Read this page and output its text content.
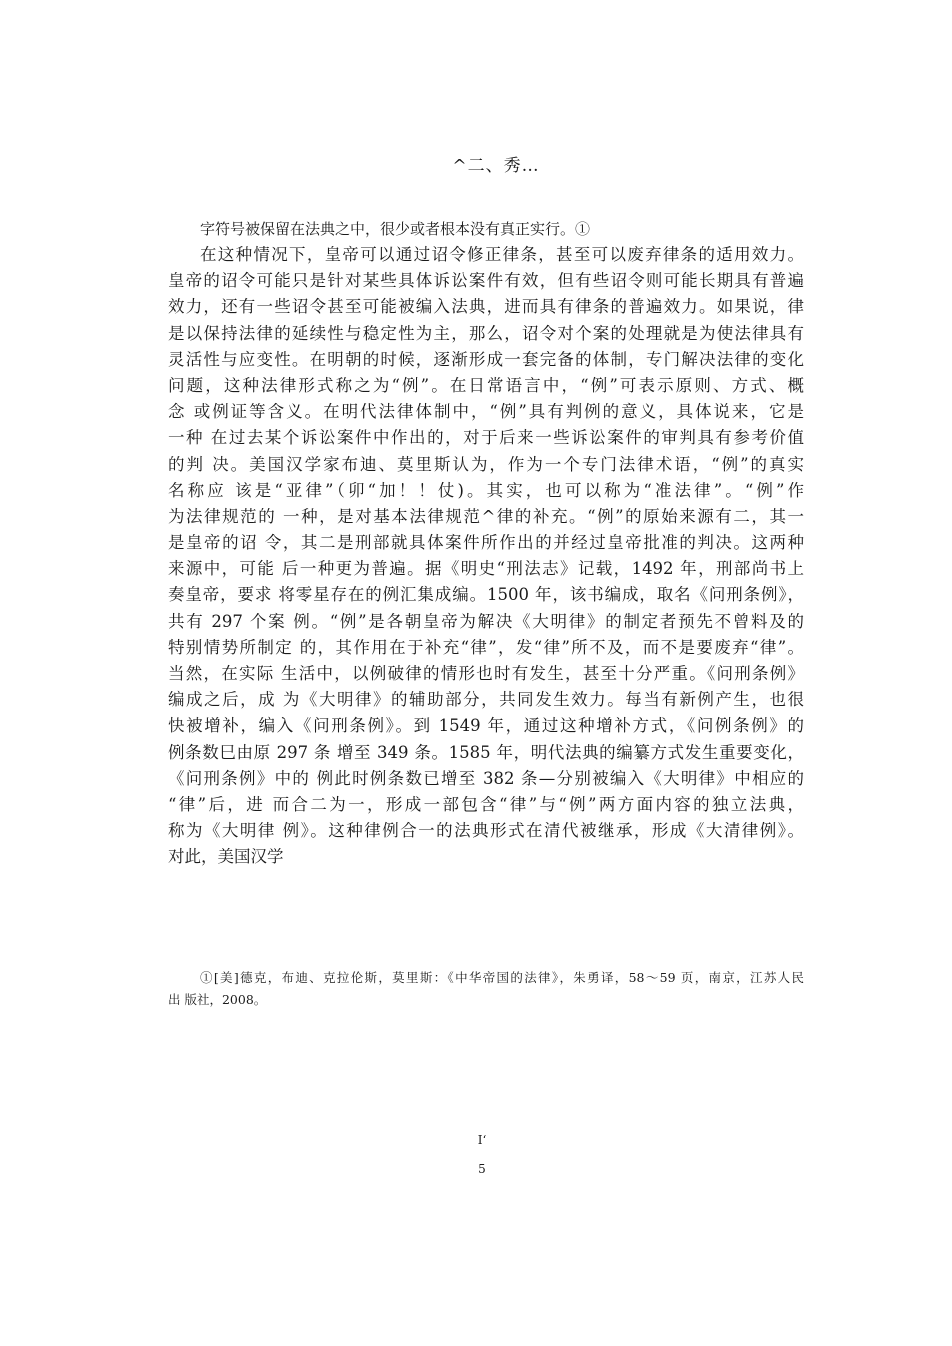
^二、秀…
字符号被保留在法典之中，很少或者根本没有真正实行。①
在这种情况下，皇帝可以通过诏令修正律条，甚至可以废弃律条的适用效力。
皇帝的诏令可能只是针对某些具体诉讼案件有效，但有些诏令则可能长期具有普遍
效力，还有一些诏令甚至可能被编入法典，进而具有律条的普遍效力。如果说，律
是以保持法律的延续性与稳定性为主，那么，诏令对个案的处理就是为使法律具有
灵活性与应变性。在明朝的时候，逐渐形成一套完备的体制，专门解决法律的变化
问题，这种法律形式称之为“例”。在日常语言中，“例”可表示原则、方式、概
念 或例证等含义。在明代法律体制中，“例”具有判例的意义，具体说来，它是
一种 在过去某个诉讼案件中作出的，对于后来一些诉讼案件的审判具有参考价值
的判 决。美国汉学家布迪、莫里斯认为，作为一个专门法律术语，“例”的真实
名称应 该是“亚律”（卯“加！！仗)。其实，也可以称为“准法律”。“例”作
为法律规范的 一种，是对基本法律规范^律的补充。“例”的原始来源有二，其一
是皇帝的诏 令，其二是刑部就具体案件所作出的并经过皇帝批准的判决。这两种
来源中，可能 后一种更为普遍。据《明史“刑法志》记载，1492 年，刑部尚书上
奏皇帝，要求 将零星存在的例汇集成编。1500 年，该书编成，取名《问刑条例》，
共有 297 个案 例。“例”是各朝皇帝为解决《大明律》的制定者预先不曾料及的
特别情势所制定 的，其作用在于补充“律”，发“律”所不及，而不是要废弃“律”。
当然，在实际 生活中，以例破律的情形也时有发生，甚至十分严重。《问刑条例》
编成之后，成 为《大明律》的辅助部分，共同发生效力。每当有新例产生，也很
快被增补，编入《问刑条例》。到 1549 年，通过这种增补方式，《问例条例》的
例条数巳由原 297 条 增至 349 条。1585 年，明代法典的编纂方式发生重要变化，
《问刑条例》中的 例此时例条数已增至 382 条—分别被编入《大明律》中相应的
“律”后，进 而合二为一，形成一部包含“律”与“例”两方面内容的独立法典，
称为《大明律 例》。这种律例合一的法典形式在清代被继承，形成《大清律例》。
对此，美国汉学
①[美]德克，布迪、克拉伦斯，莫里斯：《中华帝国的法律》，朱勇译，58〜59 页，南京，江苏人民
出 版社，2008。
I‘
5
